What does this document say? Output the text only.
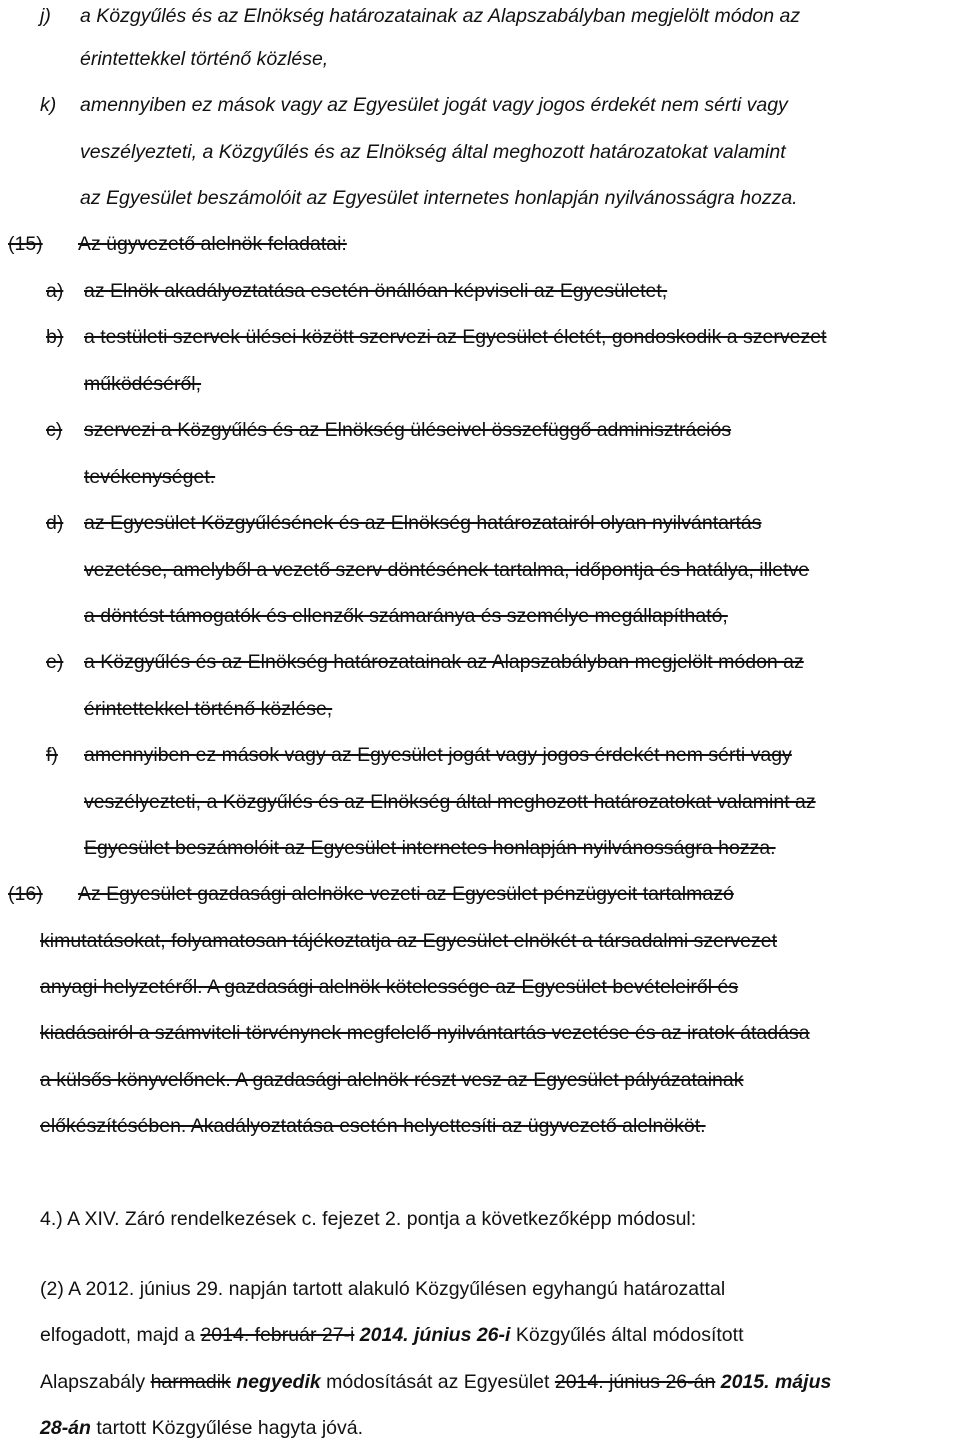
j) a Közgyűlés és az Elnökség határozatainak az Alapszabályban megjelölt módon az
érintettekkel történő közlése,
k) amennyiben ez mások vagy az Egyesület jogát vagy jogos érdekét nem sérti vagy
veszélyezteti, a Közgyűlés és az Elnökség által meghozott határozatokat valamint
az Egyesület beszámolóit az Egyesület internetes honlapján nyilvánosságra hozza.
(15) Az ügyvezető alelnök feladatai:
a) az Elnök akadályoztatása esetén önállóan képviseli az Egyesületet,
b) a testületi szervek ülései között szervezi az Egyesület életét, gondoskodik a szervezet
működéséről,
c) szervezi a Közgyűlés és az Elnökség üléseivel összefüggő adminisztrációs
tevékenységet.
d) az Egyesület Közgyűlésének és az Elnökség határozatairól olyan nyilvántartás
vezetése, amelyből a vezető szerv döntésének tartalma, időpontja és hatálya, illetve
a döntést támogatók és ellenzők számaránya és személye megállapítható,
e) a Közgyűlés és az Elnökség határozatainak az Alapszabályban megjelölt módon az
érintettekkel történő közlése,
f) amennyiben ez mások vagy az Egyesület jogát vagy jogos érdekét nem sérti vagy
veszélyezteti, a Közgyűlés és az Elnökség által meghozott határozatokat valamint az
Egyesület beszámolóit az Egyesület internetes honlapján nyilvánosságra hozza.
(16) Az Egyesület gazdasági alelnöke vezeti az Egyesület pénzügyeit tartalmazó
kimutatásokat, folyamatosan tájékoztatja az Egyesület elnökét a társadalmi szervezet
anyagi helyzetéről. A gazdasági alelnök kötelessége az Egyesület bevételeiről és
kiadásairól a számviteli törvénynek megfelelő nyilvántartás vezetése és az iratok átadása
a külsős könyvelőnek. A gazdasági alelnök részt vesz az Egyesület pályázatainak
előkészítésében. Akadályoztatása esetén helyettesíti az ügyvezető alelnököt.
4.) A XIV. Záró rendelkezések c. fejezet 2. pontja a következőképp módosul:
(2) A 2012. június 29. napján tartott alakuló Közgyűlésen egyhangú határozattal
elfogadott, majd a 2014. február 27-i 2014. június 26-i Közgyűlés által módosított
Alapszabály harmadik negyedik módosítását az Egyesület 2014. június 26-án 2015. május
28-án tartott Közgyűlése hagyta jóvá.
